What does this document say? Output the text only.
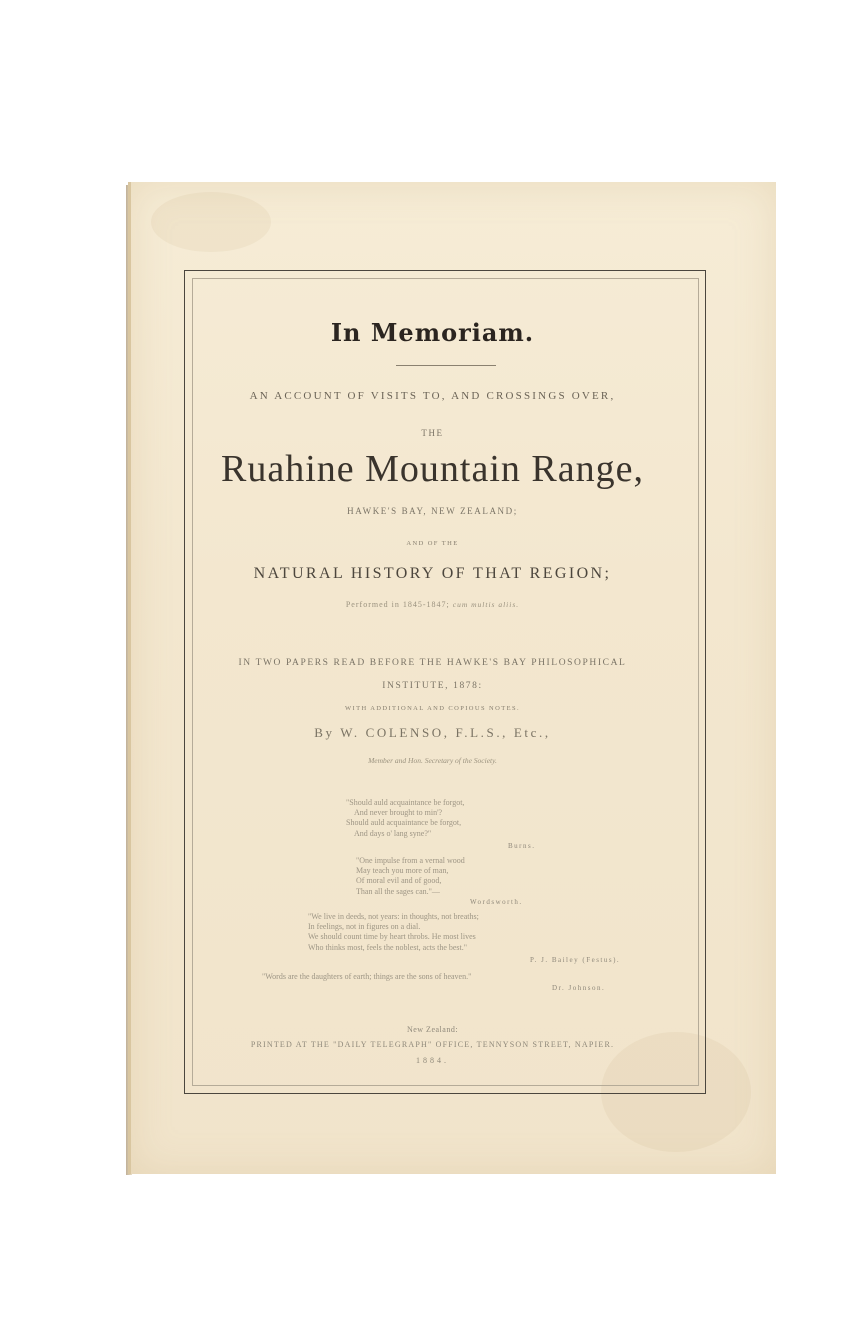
In Memoriam.
AN ACCOUNT OF VISITS TO, AND CROSSINGS OVER,
THE
Ruahine Mountain Range,
HAWKE'S BAY, NEW ZEALAND;
AND OF THE
NATURAL HISTORY OF THAT REGION;
Performed in 1845-1847; cum multis aliis.
IN TWO PAPERS READ BEFORE THE HAWKE'S BAY PHILOSOPHICAL
INSTITUTE, 1878:
WITH ADDITIONAL AND COPIOUS NOTES.
By W. COLENSO, F.L.S., Etc.,
Member and Hon. Secretary of the Society.
"Should auld acquaintance be forgot,
And never brought to min'?
Should auld acquaintance be forgot,
And days o' lang syne?"
Burns.
"One impulse from a vernal wood
May teach you more of man,
Of moral evil and of good,
Than all the sages can."—
Wordsworth.
"We live in deeds, not years: in thoughts, not breaths;
In feelings, not in figures on a dial.
We should count time by heart throbs. He most lives
Who thinks most, feels the noblest, acts the best."
P. J. Bailey (Festus).
"Words are the daughters of earth; things are the sons of heaven."
Dr. Johnson.
New Zealand:
PRINTED AT THE "DAILY TELEGRAPH" OFFICE, TENNYSON STREET, NAPIER.
1884.
